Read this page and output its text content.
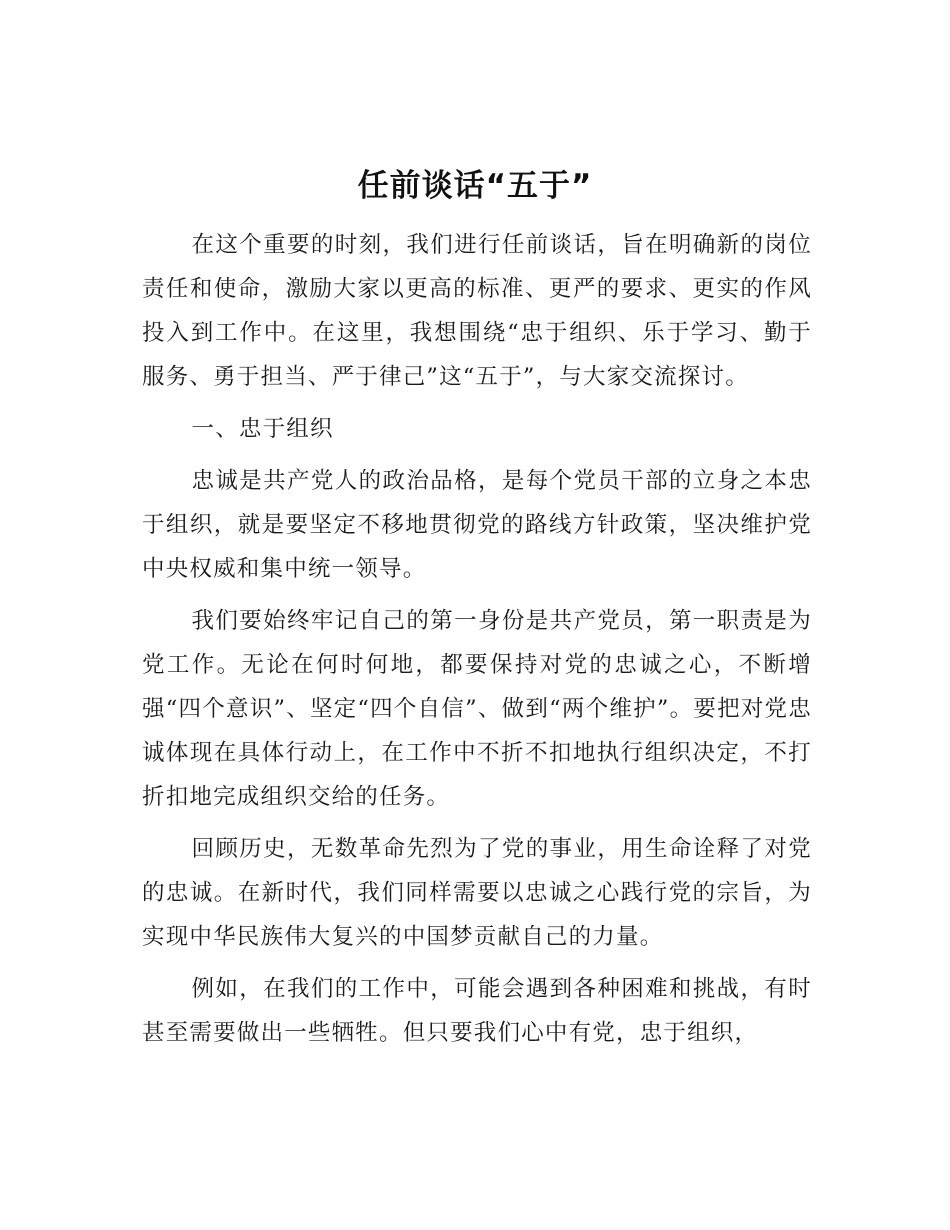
任前谈话“五于”

在这个重要的时刻，我们进行任前谈话，旨在明确新的岗位责任和使命，激励大家以更高的标准、更严的要求、更实的作风投入到工作中。在这里，我想围绕“忠于组织、乐于学习、勤于服务、勇于担当、严于律己”这“五于”，与大家交流探讨。

一、忠于组织

忠诚是共产党人的政治品格，是每个党员干部的立身之本忠于组织，就是要坚定不移地贯彻党的路线方针政策，坚决维护党中央权威和集中统一领导。

我们要始终牢记自己的第一身份是共产党员，第一职责是为党工作。无论在何时何地，都要保持对党的忠诚之心，不断增强“四个意识”、坚定“四个自信”、做到“两个维护”。要把对党忠诚体现在具体行动上，在工作中不折不扣地执行组织决定，不打折扣地完成组织交给的任务。

回顾历史，无数革命先烈为了党的事业，用生命诠释了对党的忠诚。在新时代，我们同样需要以忠诚之心践行党的宗旨，为实现中华民族伟大复兴的中国梦贡献自己的力量。

例如，在我们的工作中，可能会遇到各种困难和挑战，有时甚至需要做出一些牺牲。但只要我们心中有党，忠于组织，
